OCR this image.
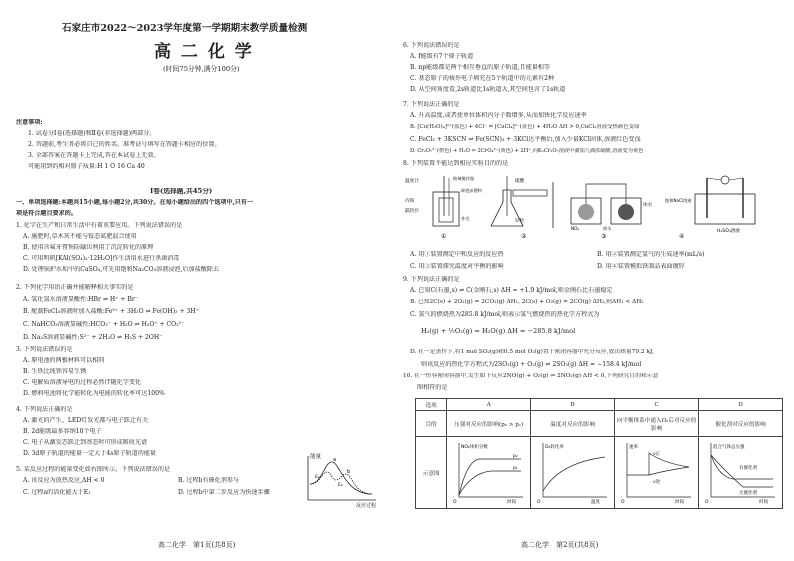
石家庄市2022～2023学年度第一学期期末教学质量检测
高 二 化 学
(时间75分钟,满分100分)
注意事项:
1. 试卷分Ⅰ卷(选择题)和Ⅱ卷(非选择题)两部分。
2. 答题前,考生务必将自己的姓名、准考证号填写在答题卡相应的位置。
3. 全部答案在答题卡上完成,答在本试卷上无效。
可能用到的相对原子质量:H 1 O 16 Ca 40
Ⅰ卷(选择题,共45分)
一、单项选择题:本题共15小题,每小题2分,共30分。在每小题给出的四个选项中,只有一
项是符合题目要求的。
1. 化学在生产和日常生活中有着重要应用。下列说法错误的是
A. 施肥时,草木灰不能与铵态氮肥混合使用
B. 使用含氟牙膏预防龋齿利用了沉淀转化的原理
C. 可用明矾[KAl(SO₄)₂·12H₂O]作生活用水进行杀菌消毒
D. 处理锅炉水垢中的CaSO₄,可先用饱和Na₂CO₃溶液浸泡,后加盐酸除去
2. 下列化学用语正确并能解释相关事实的是
A. 氢化氢水溶液显酸性:HBr ⇌ H⁺ + Br⁻
B. 配制FeCl₃溶液时加入盐酸:Fe³⁺ + 3H₂O ⇌ Fe(OH)₃ + 3H⁺
C. NaHCO₃溶液显碱性:HCO₃⁻ + H₂O ⇌ H₃O⁺ + CO₃²⁻
D. Na₂S溶液显碱性:S²⁻ + 2H₂O ⇌ H₂S + 2OH⁻
3. 下列说法错误的是
A. 原电池的两极材料可以相同
B. 生铁比纯铁容易生锈
C. 电解质溶液导电的过程必然伴随化学变化
D. 燃料电池将化学能转化为电能的转化率可达100%
4. 下列说法正确的是
A. 激光的产生、LED灯发光都与电子跃迁有关
B. 2d能级最多容纳10个电子
C. 电子从激发态跃迁到基态时可形成吸收光谱
D. 3d原子轨道的能量一定大于4s原子轨道的能量
5. 某反应过程的能量变化如右图所示。下列说法错误的是
A. 该反应为放热反应,ΔH < 0	B. 过程b有催化剂参与
C. 过程a的活化能大于E₁	D. 过程b中第二步反应为快速步骤
能量
反应过程
a
b
E₁
E₂
高二化学　第1页(共8页)
6. 下列说法错误的是
A. f能级有7个原子轨道
B. np能级都是两个相互垂直的原子轨道,且能量相等
C. 基态原子的核外电子填充在5个轨道中的元素有2种
D. 从空间角度看,2s轨道比1s轨道大,其空间包含了1s轨道
7. 下列说法正确的是
A. 升高温度,或者使单位体积内分子数增多,从而加快化学反应速率
B. [Cu(H₂O)₄]²⁺(蓝色) + 4Cl⁻ ⇌ [CuCl₄]²⁻(黄色) + 4H₂O ΔH > 0,CuCl₂溶液受热颜色变绿
C. FeCl₃ + 3KSCN ⇌ Fe(SCN)₃ + 3KCl达平衡后,加入少量KCl固体,溶液红色变浅
D. Cr₂O₇²⁻(橙色) + H₂O ⇌ 2CrO₄²⁻(黄色) + 2H⁺,向K₂Cr₂O₇溶液中滴加几滴浓硫酸,溶液变为黄色
8. 下列装置不能达到相应实验目的的是
温度计
玻璃搅拌器
碎泡沫塑料
内筒
隔热层
外壳
①
硫酸
锌粒
②
冰水
热水
NO₂
③
饱和NaCl溶液
H₂SO₄溶液
④
A. 用①装置测定中和反应的反应热	B. 用②装置测定氢气的生成速率(mL/s)
C. 用③装置探究温度对平衡的影响	D. 用④装置模拟铁制品表面镀锌
9. 下列说法正确的是
A. 已知C(石墨,s) ⇌ C(金刚石,s) ΔH = +1.9 kJ/mol,则金刚石比石墨稳定
B. 已知2C(s) + 2O₂(g) = 2CO₂(g) ΔH₁, 2C(s) + O₂(g) = 2CO(g) ΔH₂,则ΔH₁ < ΔH₂
C. 氢气的燃烧热为285.8 kJ/mol,则表示氢气燃烧热的热化学方程式为
H₂(g) + ½O₂(g) = H₂O(g) ΔH = −285.8 kJ/mol
D. 在一定条件下,将1 mol SO₂(g)和0.5 mol O₂(g)置于密闭容器中充分反应,放出热量79.2 kJ,
则该反应的热化学方程式为2SO₂(g) + O₂(g) ⇌ 2SO₃(g) ΔH = −158.4 kJ/mol
10. 在一恒容密闭容器中,发生如下反应2NO(g) + O₂(g) ⇌ 2NO₂(g) ΔH < 0,下列研究目的和示意
图相符的是
选项	A	B	C	D
目的	压强对反应的影响(p₂ > p₁)	温度对反应的影响	向平衡体系中通入O₂后对反应的影响	催化剂对反应的影响
示意图	NO₂体积分数
p₂
p₁
O 时间	O₂转化率
O 温度	速率
v正
v逆
O 时间	混合气体总压强
有催化剂
无催化剂
O 时间
高二化学　第2页(共8页)
